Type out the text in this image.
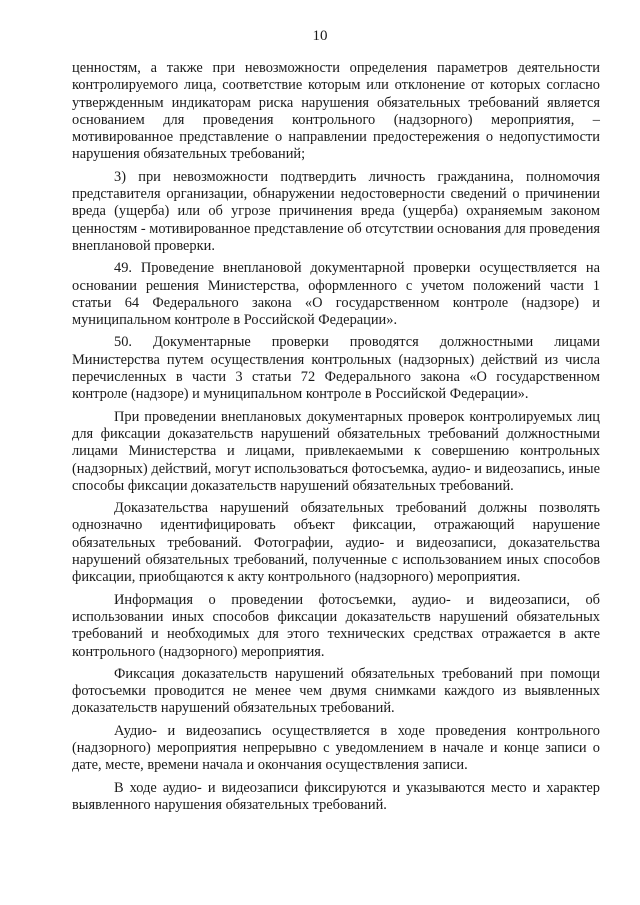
10

ценностям, а также при невозможности определения параметров деятельности контролируемого лица, соответствие которым или отклонение от которых согласно утвержденным индикаторам риска нарушения обязательных требований является основанием для проведения контрольного (надзорного) мероприятия, – мотивированное представление о направлении предостережения о недопустимости нарушения обязательных требований;

3) при невозможности подтвердить личность гражданина, полномочия представителя организации, обнаружении недостоверности сведений о причинении вреда (ущерба) или об угрозе причинения вреда (ущерба) охраняемым законом ценностям - мотивированное представление об отсутствии основания для проведения внеплановой проверки.

49. Проведение внеплановой документарной проверки осуществляется на основании решения Министерства, оформленного с учетом положений части 1 статьи 64 Федерального закона «О государственном контроле (надзоре) и муниципальном контроле в Российской Федерации».

50. Документарные проверки проводятся должностными лицами Министерства путем осуществления контрольных (надзорных) действий из числа перечисленных в части 3 статьи 72 Федерального закона «О государственном контроле (надзоре) и муниципальном контроле в Российской Федерации».

При проведении внеплановых документарных проверок контролируемых лиц для фиксации доказательств нарушений обязательных требований должностными лицами Министерства и лицами, привлекаемыми к совершению контрольных (надзорных) действий, могут использоваться фотосъемка, аудио- и видеозапись, иные способы фиксации доказательств нарушений обязательных требований.

Доказательства нарушений обязательных требований должны позволять однозначно идентифицировать объект фиксации, отражающий нарушение обязательных требований. Фотографии, аудио- и видеозаписи, доказательства нарушений обязательных требований, полученные с использованием иных способов фиксации, приобщаются к акту контрольного (надзорного) мероприятия.

Информация о проведении фотосъемки, аудио- и видеозаписи, об использовании иных способов фиксации доказательств нарушений обязательных требований и необходимых для этого технических средствах отражается в акте контрольного (надзорного) мероприятия.

Фиксация доказательств нарушений обязательных требований при помощи фотосъемки проводится не менее чем двумя снимками каждого из выявленных доказательств нарушений обязательных требований.

Аудио- и видеозапись осуществляется в ходе проведения контрольного (надзорного) мероприятия непрерывно с уведомлением в начале и конце записи о дате, месте, времени начала и окончания осуществления записи.

В ходе аудио- и видеозаписи фиксируются и указываются место и характер выявленного нарушения обязательных требований.
